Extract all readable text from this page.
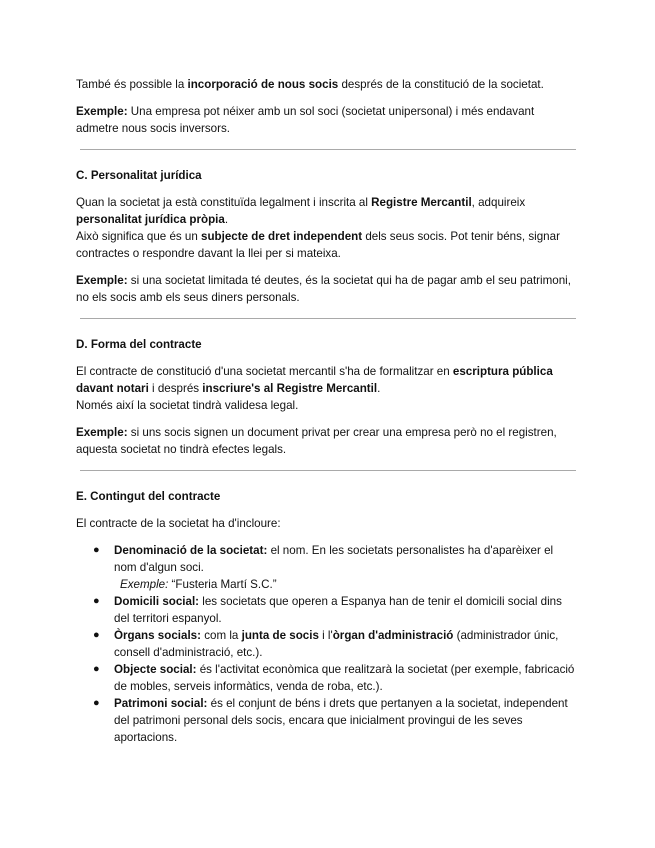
També és possible la incorporació de nous socis després de la constitució de la societat.

Exemple: Una empresa pot néixer amb un sol soci (societat unipersonal) i més endavant admetre nous socis inversors.

C. Personalitat jurídica

Quan la societat ja està constituïda legalment i inscrita al Registre Mercantil, adquireix personalitat jurídica pròpia.

Això significa que és un subjecte de dret independent dels seus socis. Pot tenir béns, signar contractes o respondre davant la llei per si mateixa.

Exemple: si una societat limitada té deutes, és la societat qui ha de pagar amb el seu patrimoni, no els socis amb els seus diners personals.

D. Forma del contracte

El contracte de constitució d'una societat mercantil s'ha de formalitzar en escriptura pública davant notari i després inscriure's al Registre Mercantil.

Només així la societat tindrà validesa legal.

Exemple: si uns socis signen un document privat per crear una empresa però no el registren, aquesta societat no tindrà efectes legals.

E. Contingut del contracte

El contracte de la societat ha d'incloure:

● Denominació de la societat: el nom. En les societats personalistes ha d'aparèixer el nom d'algun soci.
Exemple: “Fusteria Martí S.C.”
● Domicili social: les societats que operen a Espanya han de tenir el domicili social dins del territori espanyol.
● Òrgans socials: com la junta de socis i l'òrgan d'administració (administrador únic, consell d'administració, etc.).
● Objecte social: és l'activitat econòmica que realitzarà la societat (per exemple, fabricació de mobles, serveis informàtics, venda de roba, etc.).
● Patrimoni social: és el conjunt de béns i drets que pertanyen a la societat, independent del patrimoni personal dels socis, encara que inicialment provingui de les seves aportacions.
